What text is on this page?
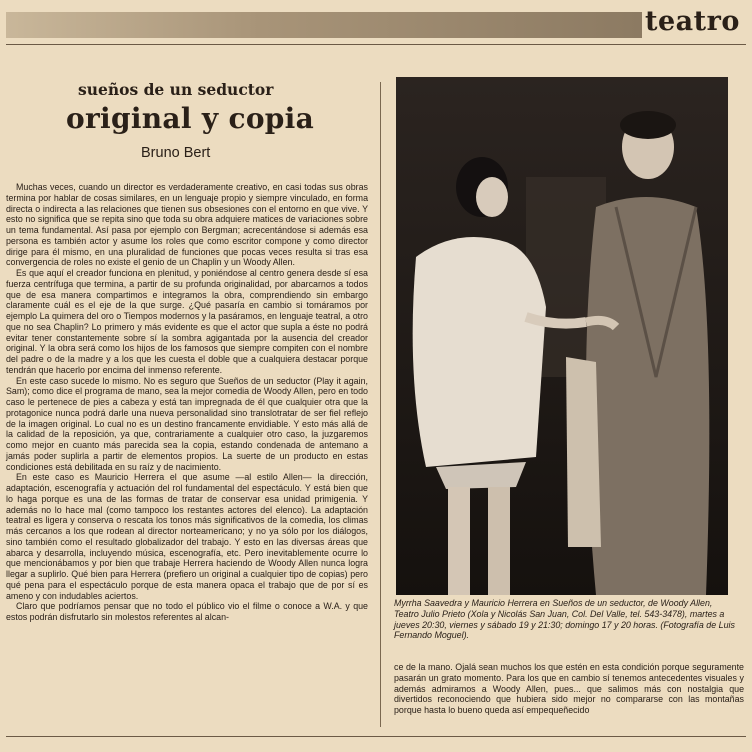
teatro
sueños de un seductor
original y copia
Bruno Bert

Muchas veces, cuando un director es verdaderamente creativo, en casi todas sus obras termina por hablar de cosas similares, en un lenguaje propio y siempre vinculado, en forma directa o indirecta a las relaciones que tienen sus obsesiones con el entorno en que vive. Y esto no significa que se repita sino que toda su obra adquiere matices de variaciones sobre un tema fundamental. Así pasa por ejemplo con Bergman; acrecentándose si además esa persona es también actor y asume los roles que como escritor compone y como director dirige para él mismo, en una pluralidad de funciones que pocas veces resulta si tras esa convergencia de roles no existe el genio de un Chaplin y un Woody Allen.

Es que aquí el creador funciona en plenitud, y poniéndose al centro genera desde sí esa fuerza centrífuga que termina, a partir de su profunda originalidad, por abarcarnos a todos que de esa manera compartimos e integramos la obra, comprendiendo sin embargo claramente cuál es el eje de la que surge. ¿Qué pasaría en cambio si tomáramos por ejemplo La quimera del oro o Tiempos modernos y la pasáramos, en lenguaje teatral, a otro que no sea Chaplin? Lo primero y más evidente es que el actor que supla a éste no podrá evitar tener constantemente sobre sí la sombra agigantada por la ausencia del creador original. Y la obra será como los hijos de los famosos que siempre compiten con el nombre del padre o de la madre y a los que les cuesta el doble que a cualquiera destacar porque tendrán que hacerlo por encima del inmenso referente.

En este caso sucede lo mismo. No es seguro que Sueños de un seductor (Play it again, Sam); como dice el programa de mano, sea la mejor comedia de Woody Allen, pero en todo caso le pertenece de pies a cabeza y está tan impregnada de él que cualquier otra que la protagonice nunca podrá darle una nueva personalidad sino translotratar de ser fiel reflejo de la imagen original. Lo cual no es un destino francamente envidiable. Y esto más allá de la calidad de la reposición, ya que, contrariamente a cualquier otro caso, la juzgaremos como mejor en cuanto más parecida sea la copia, estando condenada de antemano a jamás poder suplirla a partir de elementos propios. La suerte de un producto en estas condiciones está debilitada en su raíz y de nacimiento.

En este caso es Mauricio Herrera el que asume —al estilo Allen— la dirección, adaptación, escenografía y actuación del rol fundamental del espectáculo. Y está bien que lo haga porque es una de las formas de tratar de conservar esa unidad primigenia. Y además no lo hace mal (como tampoco los restantes actores del elenco). La adaptación teatral es ligera y conserva o rescata los tonos más significativos de la comedia, los climas más cercanos a los que rodean al director norteamericano; y no ya sólo por los diálogos, sino también como el resultado globalizador del trabajo. Y esto en las diversas áreas que abarca y desarrolla, incluyendo música, escenografía, etc. Pero inevitablemente ocurre lo que mencionábamos y por bien que trabaje Herrera haciendo de Woody Allen nunca logra llegar a suplirlo. Qué bien para Herrera (prefiero un original a cualquier tipo de copias) pero qué pena para el espectáculo porque de esta manera opaca el trabajo que de por sí es ameno y con indudables aciertos.

Claro que podríamos pensar que no todo el público vio el filme o conoce a W.A. y que estos podrán disfrutarlo sin molestos referentes al alcan-

Myrrha Saavedra y Mauricio Herrera en Sueños de un seductor, de Woody Allen, Teatro Julio Prieto (Xola y Nicolás San Juan, Col. Del Valle, tel. 543-3478), martes a jueves 20:30, viernes y sábado 19 y 21:30; domingo 17 y 20 horas. (Fotografía de Luis Fernando Moguel).

ce de la mano. Ojalá sean muchos los que estén en esta condición porque seguramente pasarán un grato momento. Para los que en cambio sí tenemos antecedentes visuales y además admiramos a Woody Allen, pues... que salimos más con nostalgia que divertidos reconociendo que hubiera sido mejor no compararse con las montañas porque hasta lo bueno queda así empequeñecido
